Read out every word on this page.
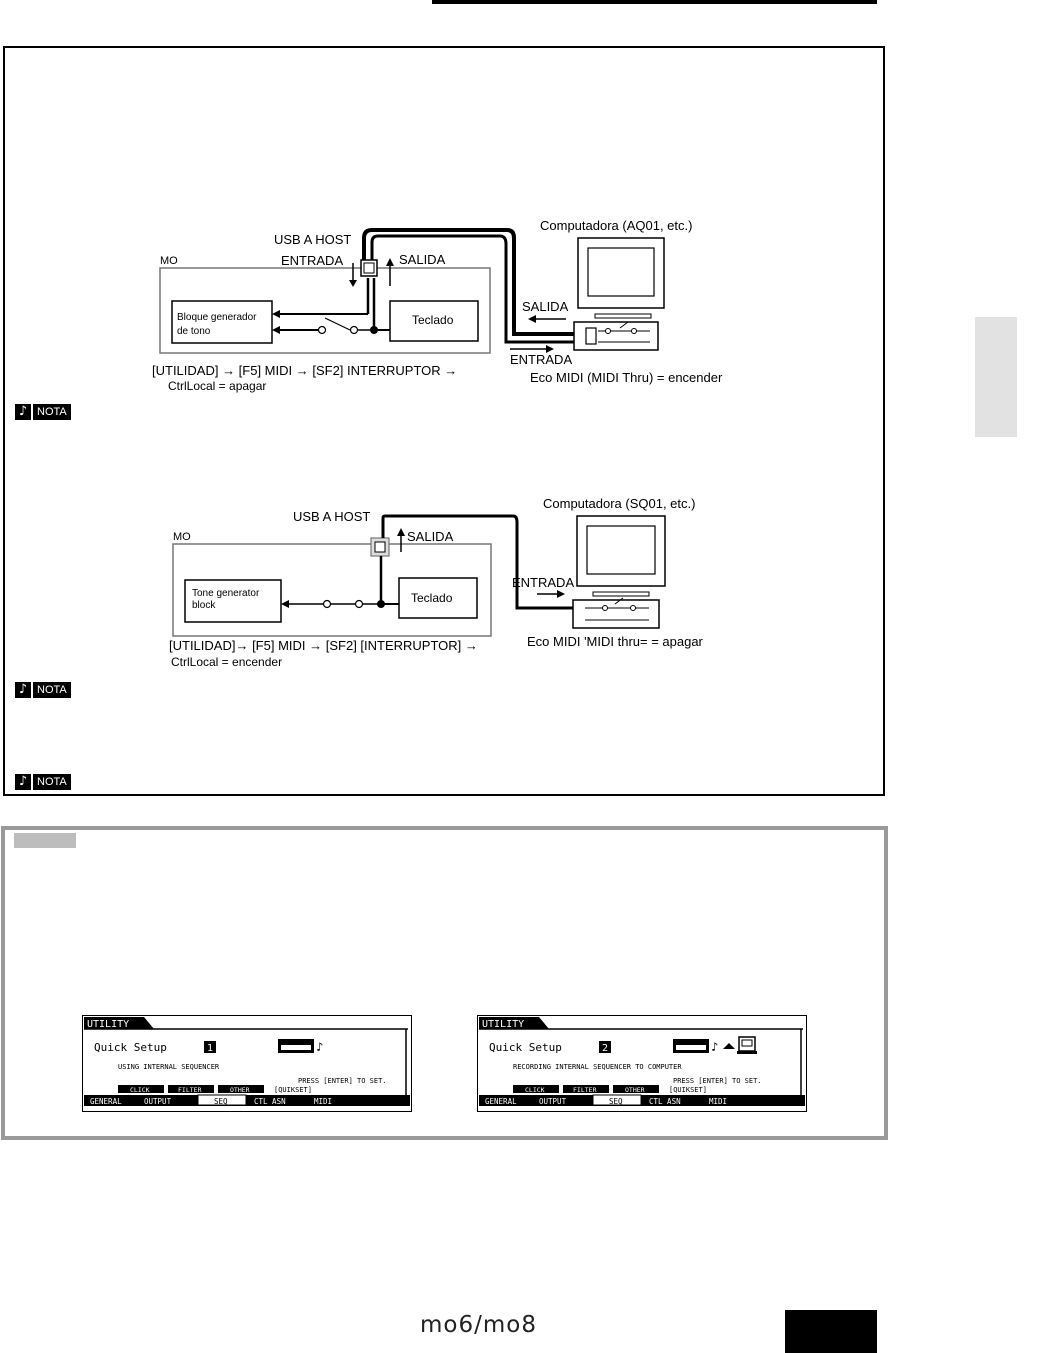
MO
USB A HOST
ENTRADA	SALIDA
Bloque generador
de tono
Teclado
Computadora (AQ01, etc.)
SALIDA
ENTRADA
[UTILIDAD] → [F5] MIDI → [SF2] INTERRUPTOR →
CtrlLocal = apagar
Eco MIDI (MIDI Thru) = encender
♪ NOTA
MO
USB A HOST
SALIDA
Tone generator
block
Teclado
Computadora (SQ01, etc.)
ENTRADA
[UTILIDAD]→ [F5] MIDI → [SF2] [INTERRUPTOR] →
CtrlLocal = encender
Eco MIDI 'MIDI thru= = apagar
♪ NOTA
♪ NOTA
UTILITY
Quick Setup	1	♪
USING INTERNAL SEQUENCER
PRESS [ENTER] TO SET.
CLICK	FILTER	OTHER	[QUIKSET]
GENERAL	OUTPUT	SEQ	CTL ASN	MIDI
UTILITY
Quick Setup	2	♪
RECORDING INTERNAL SEQUENCER TO COMPUTER
PRESS [ENTER] TO SET.
CLICK	FILTER	OTHER	[QUIKSET]
GENERAL	OUTPUT	SEQ	CTL ASN	MIDI
mo6/mo8
